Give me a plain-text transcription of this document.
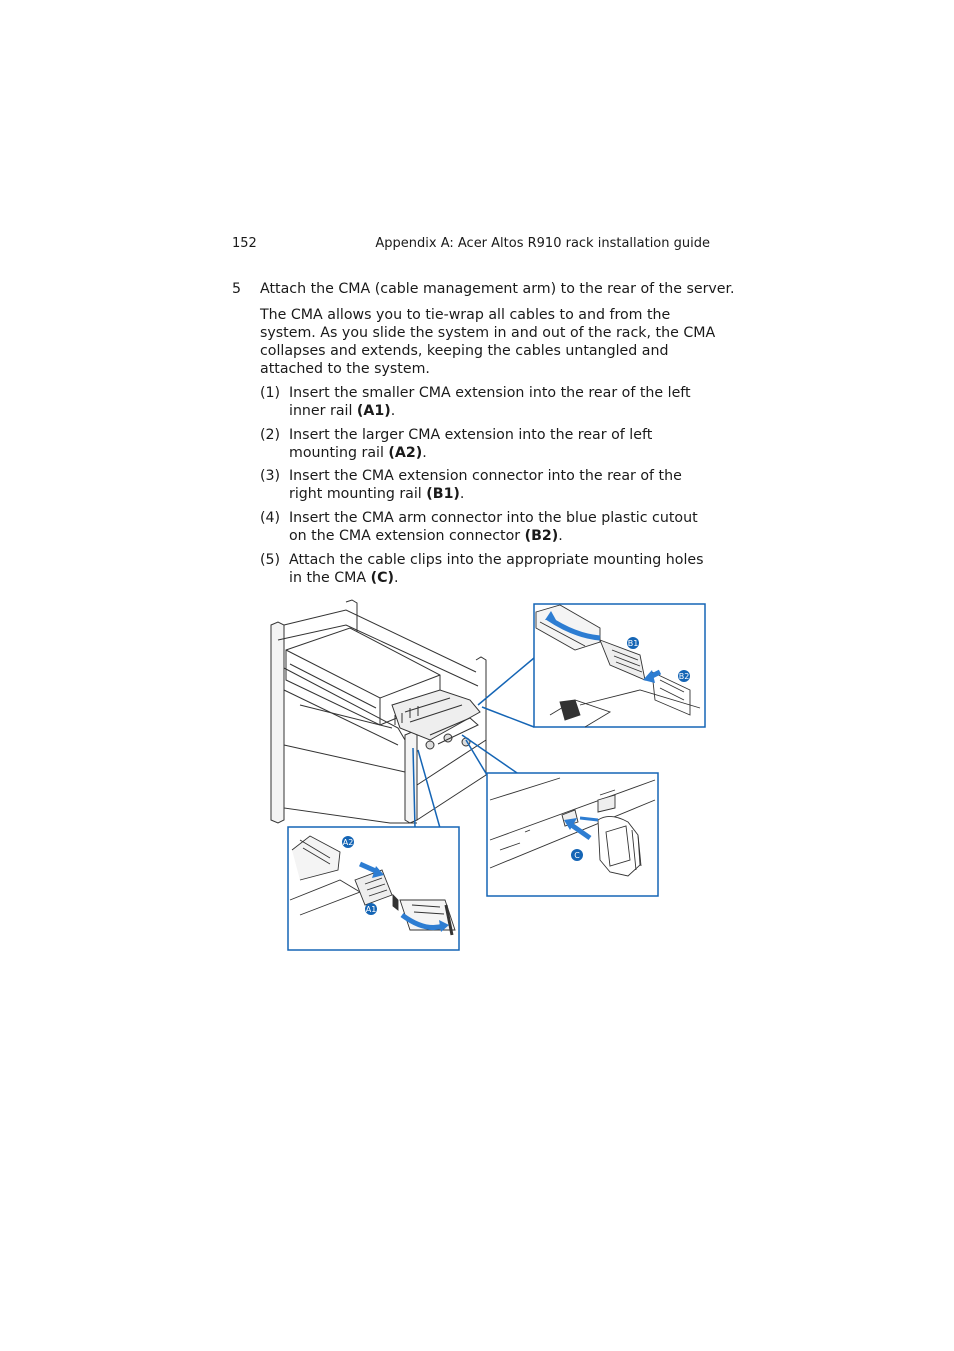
152	Appendix A: Acer Altos R910 rack installation guide
5 Attach the CMA (cable management arm) to the rear of the server.
The CMA allows you to tie-wrap all cables to and from the system. As you slide the system in and out of the rack, the CMA collapses and extends, keeping the cables untangled and attached to the system.
(1) Insert the smaller CMA extension into the rear of the left inner rail (A1).
(2) Insert the larger CMA extension into the rear of left mounting rail (A2).
(3) Insert the CMA extension connector into the rear of the right mounting rail (B1).
(4) Insert the CMA arm connector into the blue plastic cutout on the CMA extension connector (B2).
(5) Attach the cable clips into the appropriate mounting holes in the CMA (C).
B1
B2
C
A2
A1
